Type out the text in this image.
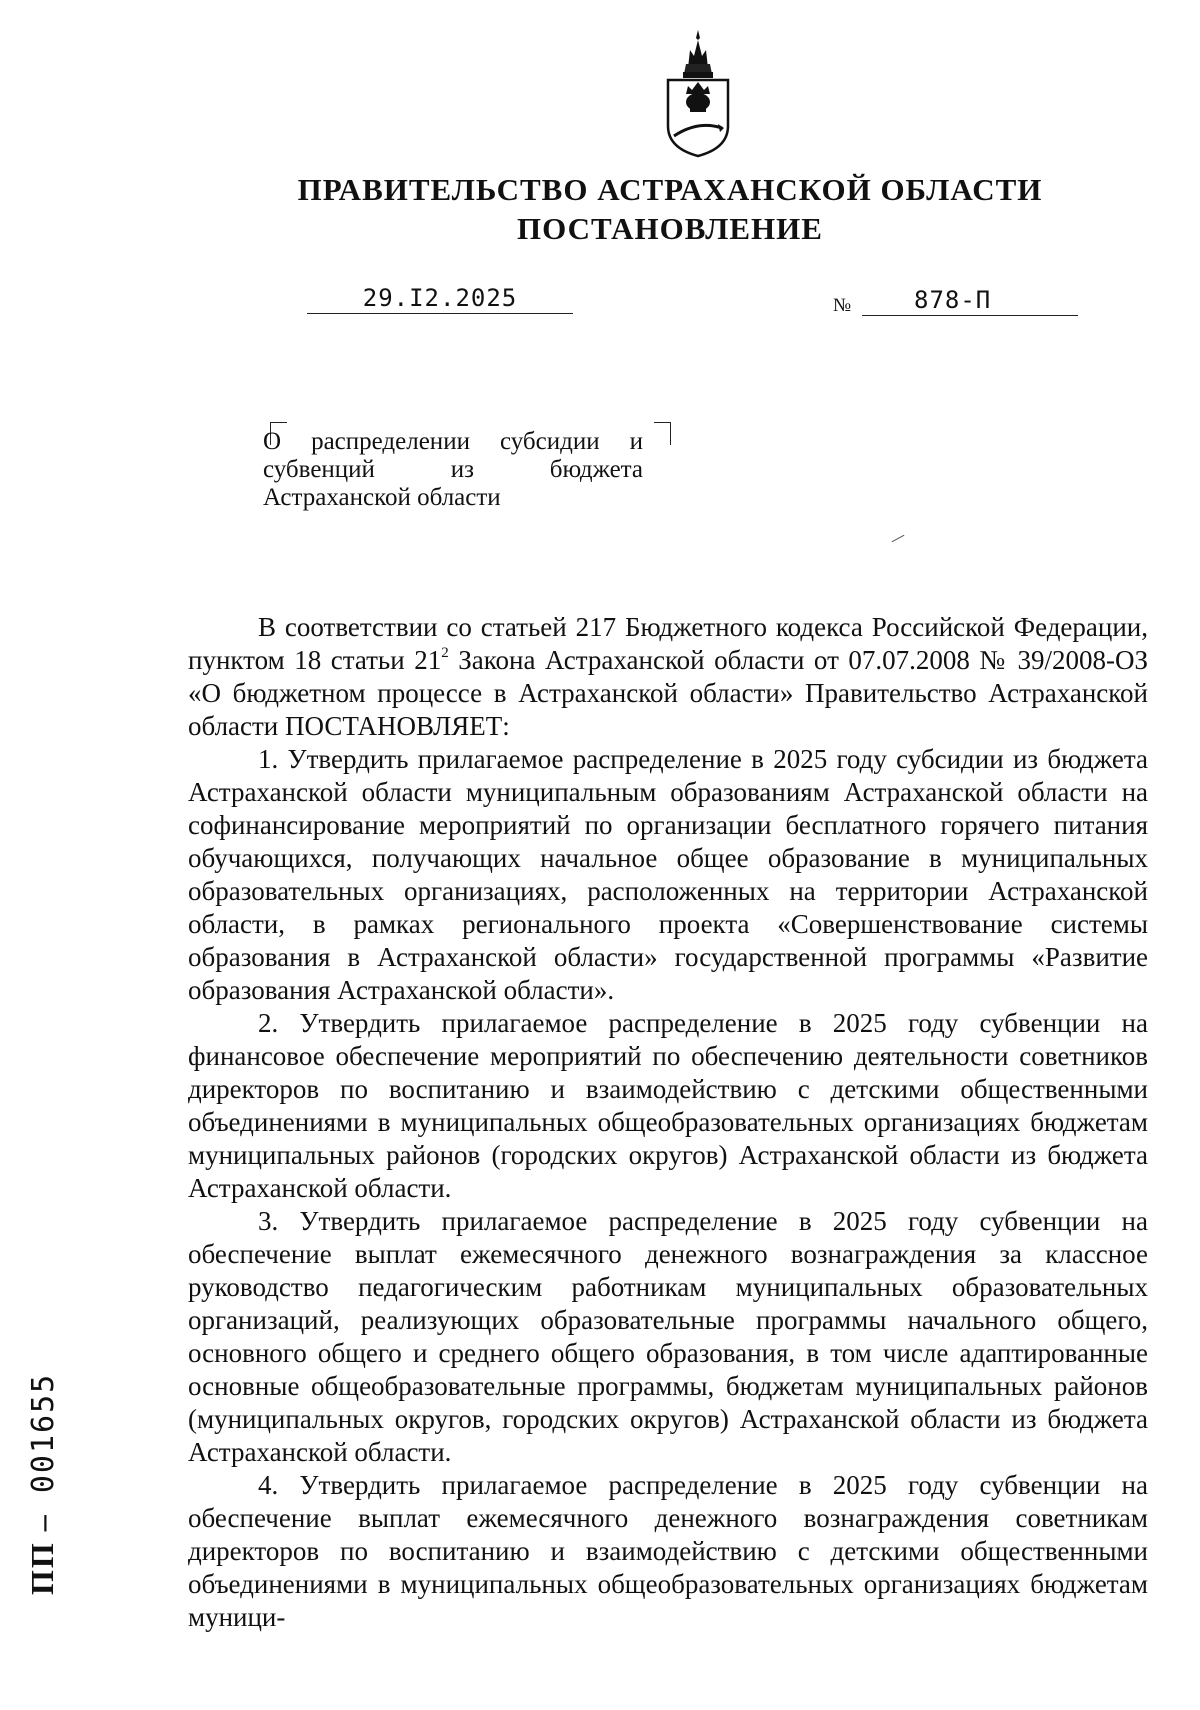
ПРАВИТЕЛЬСТВО АСТРАХАНСКОЙ ОБЛАСТИ
ПОСТАНОВЛЕНИЕ
29.I2.2025	№	878-П
О распределении субсидии и субвенций из бюджета Астраханской области

В соответствии со статьей 217 Бюджетного кодекса Российской Федерации, пунктом 18 статьи $21^2$ Закона Астраханской области от 07.07.2008 № 39/2008-ОЗ «О бюджетном процессе в Астраханской области» Правительство Астраханской области ПОСТАНОВЛЯЕТ:

1. Утвердить прилагаемое распределение в 2025 году субсидии из бюджета Астраханской области муниципальным образованиям Астраханской области на софинансирование мероприятий по организации бесплатного горячего питания обучающихся, получающих начальное общее образование в муниципальных образовательных организациях, расположенных на территории Астраханской области, в рамках регионального проекта «Совершенствование системы образования в Астраханской области» государственной программы «Развитие образования Астраханской области».

2. Утвердить прилагаемое распределение в 2025 году субвенции на финансовое обеспечение мероприятий по обеспечению деятельности советников директоров по воспитанию и взаимодействию с детскими общественными объединениями в муниципальных общеобразовательных организациях бюджетам муниципальных районов (городских округов) Астраханской области из бюджета Астраханской области.

3. Утвердить прилагаемое распределение в 2025 году субвенции на обеспечение выплат ежемесячного денежного вознаграждения за классное руководство педагогическим работникам муниципальных образовательных организаций, реализующих образовательные программы начального общего, основного общего и среднего общего образования, в том числе адаптированные основные общеобразовательные программы, бюджетам муниципальных районов (муниципальных округов, городских округов) Астраханской области из бюджета Астраханской области.

4. Утвердить прилагаемое распределение в 2025 году субвенции на обеспечение выплат ежемесячного денежного вознаграждения советникам директоров по воспитанию и взаимодействию с детскими общественными объединениями в муниципальных общеобразовательных организациях бюджетам муници-

ПП – 001655
